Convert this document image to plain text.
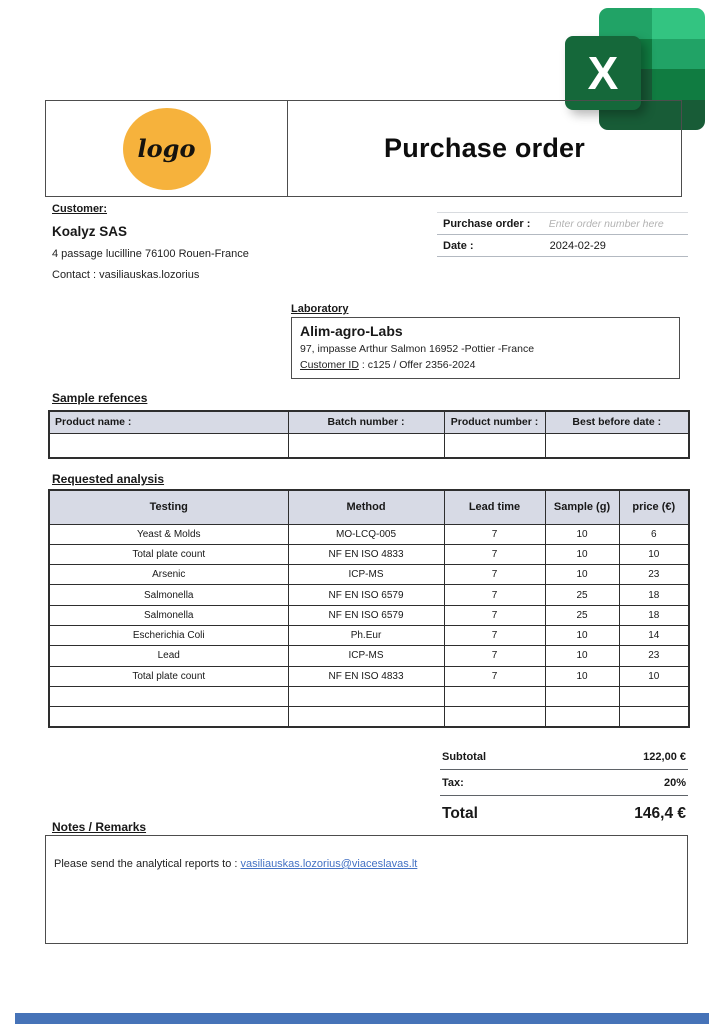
X
logo	Purchase order
Customer:
Koalyz SAS
4 passage lucilline 76100 Rouen-France
Contact : vasiliauskas.lozorius
Purchase order :	Enter order number here
Date :	2024-02-29
Laboratory
Alim-agro-Labs
97, impasse Arthur Salmon 16952 -Pottier -France
Customer ID : c125 / Offer 2356-2024
Sample refences
Product name :	Batch number :	Product number :	Best before date :

Requested analysis
Testing	Method	Lead time	Sample (g)	price (€)
Yeast & Molds	MO-LCQ-005	7	10	6
Total plate count	NF EN ISO 4833	7	10	10
Arsenic	ICP-MS	7	10	23
Salmonella	NF EN ISO 6579	7	25	18
Salmonella	NF EN ISO 6579	7	25	18
Escherichia Coli	Ph.Eur	7	10	14
Lead	ICP-MS	7	10	23
Total plate count	NF EN ISO 4833	7	10	10

Subtotal	122,00 €
Tax:	20%
Total	146,4 €
Notes / Remarks
Please send the analytical reports to : vasiliauskas.lozorius@viaceslavas.lt
